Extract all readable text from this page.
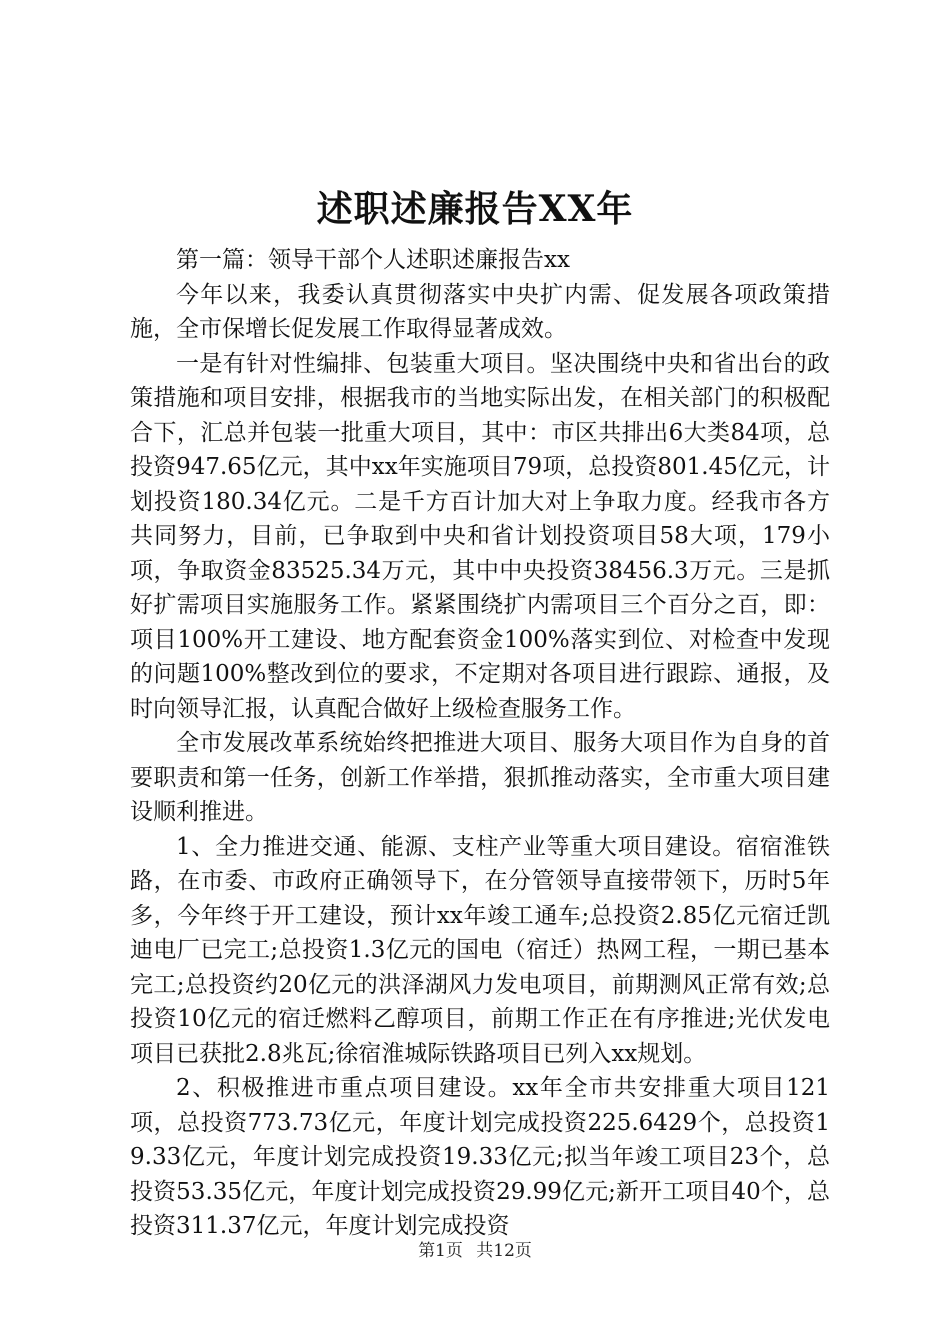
述职述廉报告XX年

第一篇：领导干部个人述职述廉报告xx

今年以来，我委认真贯彻落实中央扩内需、促发展各项政策措施，全市保增长促发展工作取得显著成效。

一是有针对性编排、包装重大项目。坚决围绕中央和省出台的政策措施和项目安排，根据我市的当地实际出发，在相关部门的积极配合下，汇总并包装一批重大项目，其中：市区共排出6大类84项，总投资947.65亿元，其中xx年实施项目79项，总投资801.45亿元，计划投资180.34亿元。二是千方百计加大对上争取力度。经我市各方共同努力，目前，已争取到中央和省计划投资项目58大项，179小项，争取资金83525.34万元，其中中央投资38456.3万元。三是抓好扩需项目实施服务工作。紧紧围绕扩内需项目三个百分之百，即：项目100%开工建设、地方配套资金100%落实到位、对检查中发现的问题100%整改到位的要求，不定期对各项目进行跟踪、通报，及时向领导汇报，认真配合做好上级检查服务工作。

全市发展改革系统始终把推进大项目、服务大项目作为自身的首要职责和第一任务，创新工作举措，狠抓推动落实，全市重大项目建设顺利推进。

1、全力推进交通、能源、支柱产业等重大项目建设。宿宿淮铁路，在市委、市政府正确领导下，在分管领导直接带领下，历时5年多，今年终于开工建设，预计xx年竣工通车;总投资2.85亿元宿迁凯迪电厂已完工;总投资1.3亿元的国电（宿迁）热网工程，一期已基本完工;总投资约20亿元的洪泽湖风力发电项目，前期测风正常有效;总投资10亿元的宿迁燃料乙醇项目，前期工作正在有序推进;光伏发电项目已获批2.8兆瓦;徐宿淮城际铁路项目已列入xx规划。

2、积极推进市重点项目建设。xx年全市共安排重大项目121项，总投资773.73亿元，年度计划完成投资225.6429个，总投资19.33亿元，年度计划完成投资19.33亿元;拟当年竣工项目23个，总投资53.35亿元，年度计划完成投资29.99亿元;新开工项目40个，总投资311.37亿元，年度计划完成投资

第1页 共12页
